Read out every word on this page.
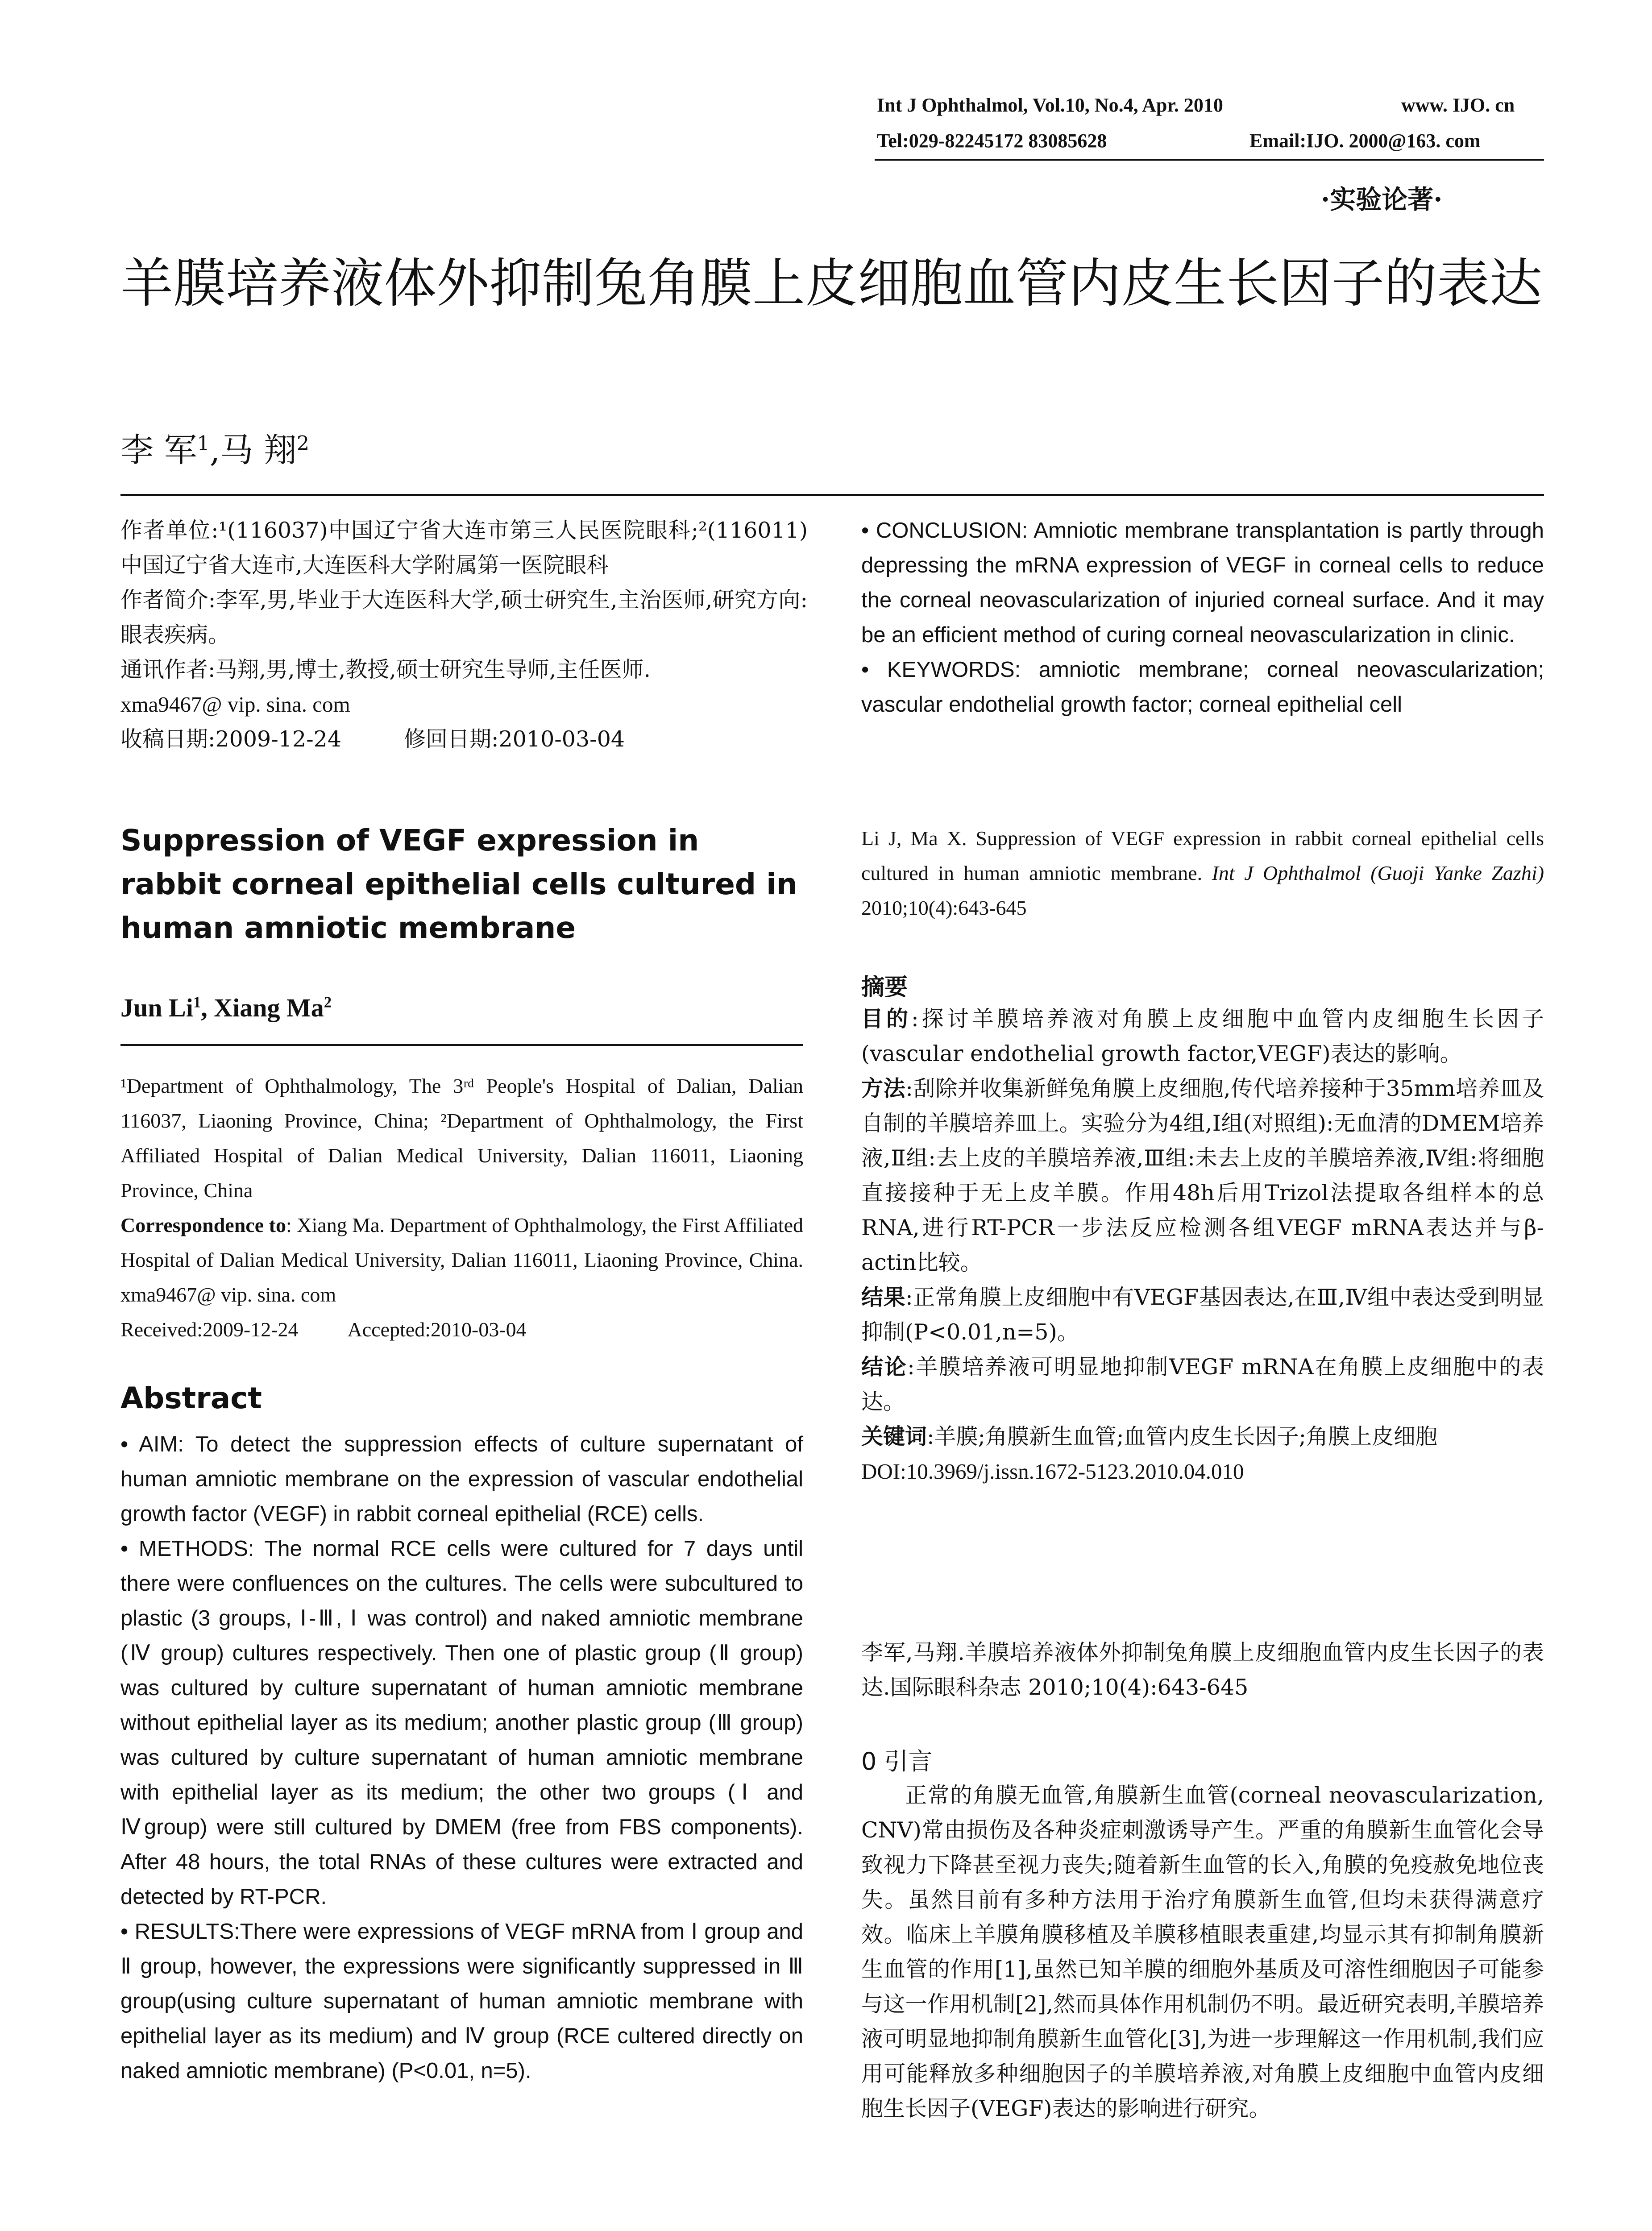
Int J Ophthalmol, Vol.10, No.4, Apr. 2010	www. IJO. cn
Tel:029-82245172 83085628	Email:IJO. 2000@163. com
·实验论著·
羊膜培养液体外抑制兔角膜上皮细胞血管内皮生长因子的表达
李 军$^1$,马 翔$^2$

作者单位:¹(116037)中国辽宁省大连市第三人民医院眼科;²(116011)中国辽宁省大连市,大连医科大学附属第一医院眼科

作者简介:李军,男,毕业于大连医科大学,硕士研究生,主治医师,研究方向:眼表疾病。

通讯作者:马翔,男,博士,教授,硕士研究生导师,主任医师.

xma9467@ vip. sina. com

收稿日期:2009-12-24	修回日期:2010-03-04

Suppression of VEGF expression in rabbit corneal epithelial cells cultured in human amniotic membrane
Jun Li$^1$, Xiang Ma$^2$
¹Department of Ophthalmology, The 3ʳᵈ People's Hospital of Dalian, Dalian 116037, Liaoning Province, China; ²Department of Ophthalmology, the First Affiliated Hospital of Dalian Medical University, Dalian 116011, Liaoning Province, China
Correspondence to: Xiang Ma. Department of Ophthalmology, the First Affiliated Hospital of Dalian Medical University, Dalian 116011, Liaoning Province, China. xma9467@ vip. sina. com
Received:2009-12-24 Accepted:2010-03-04
Abstract
• AIM: To detect the suppression effects of culture supernatant of human amniotic membrane on the expression of vascular endothelial growth factor (VEGF) in rabbit corneal epithelial (RCE) cells.
• METHODS: The normal RCE cells were cultured for 7 days until there were confluences on the cultures. The cells were subcultured to plastic (3 groups, Ⅰ-Ⅲ, Ⅰ was control) and naked amniotic membrane (Ⅳ group) cultures respectively. Then one of plastic group (Ⅱ group) was cultured by culture supernatant of human amniotic membrane without epithelial layer as its medium; another plastic group (Ⅲ group) was cultured by culture supernatant of human amniotic membrane with epithelial layer as its medium; the other two groups (Ⅰ and Ⅳgroup) were still cultured by DMEM (free from FBS components). After 48 hours, the total RNAs of these cultures were extracted and detected by RT-PCR.
• RESULTS:There were expressions of VEGF mRNA from Ⅰ group and Ⅱ group, however, the expressions were significantly suppressed in Ⅲ group(using culture supernatant of human amniotic membrane with epithelial layer as its medium) and Ⅳ group (RCE cultered directly on naked amniotic membrane) (P<0.01, n=5).
• CONCLUSION: Amniotic membrane transplantation is partly through depressing the mRNA expression of VEGF in corneal cells to reduce the corneal neovascularization of injuried corneal surface. And it may be an efficient method of curing corneal neovascularization in clinic.
• KEYWORDS: amniotic membrane; corneal neovascularization; vascular endothelial growth factor; corneal epithelial cell
Li J, Ma X. Suppression of VEGF expression in rabbit corneal epithelial cells cultured in human amniotic membrane. Int J Ophthalmol (Guoji Yanke Zazhi) 2010;10(4):643-645
摘要

目的:探讨羊膜培养液对角膜上皮细胞中血管内皮细胞生长因子(vascular endothelial growth factor,VEGF)表达的影响。

方法:刮除并收集新鲜兔角膜上皮细胞,传代培养接种于35mm培养皿及自制的羊膜培养皿上。实验分为4组,Ⅰ组(对照组):无血清的DMEM培养液,Ⅱ组:去上皮的羊膜培养液,Ⅲ组:未去上皮的羊膜培养液,Ⅳ组:将细胞直接接种于无上皮羊膜。作用48h后用Trizol法提取各组样本的总RNA,进行RT-PCR一步法反应检测各组VEGF mRNA表达并与β-actin比较。

结果:正常角膜上皮细胞中有VEGF基因表达,在Ⅲ,Ⅳ组中表达受到明显抑制(P<0.01,n=5)。

结论:羊膜培养液可明显地抑制VEGF mRNA在角膜上皮细胞中的表达。

关键词:羊膜;角膜新生血管;血管内皮生长因子;角膜上皮细胞

DOI:10.3969/j.issn.1672-5123.2010.04.010

李军,马翔.羊膜培养液体外抑制兔角膜上皮细胞血管内皮生长因子的表达.国际眼科杂志 2010;10(4):643-645
0 引言
正常的角膜无血管,角膜新生血管(corneal neovascularization, CNV)常由损伤及各种炎症刺激诱导产生。严重的角膜新生血管化会导致视力下降甚至视力丧失;随着新生血管的长入,角膜的免疫赦免地位丧失。虽然目前有多种方法用于治疗角膜新生血管,但均未获得满意疗效。临床上羊膜角膜移植及羊膜移植眼表重建,均显示其有抑制角膜新生血管的作用[1],虽然已知羊膜的细胞外基质及可溶性细胞因子可能参与这一作用机制[2],然而具体作用机制仍不明。最近研究表明,羊膜培养液可明显地抑制角膜新生血管化[3],为进一步理解这一作用机制,我们应用可能释放多种细胞因子的羊膜培养液,对角膜上皮细胞中血管内皮细胞生长因子(VEGF)表达的影响进行研究。
